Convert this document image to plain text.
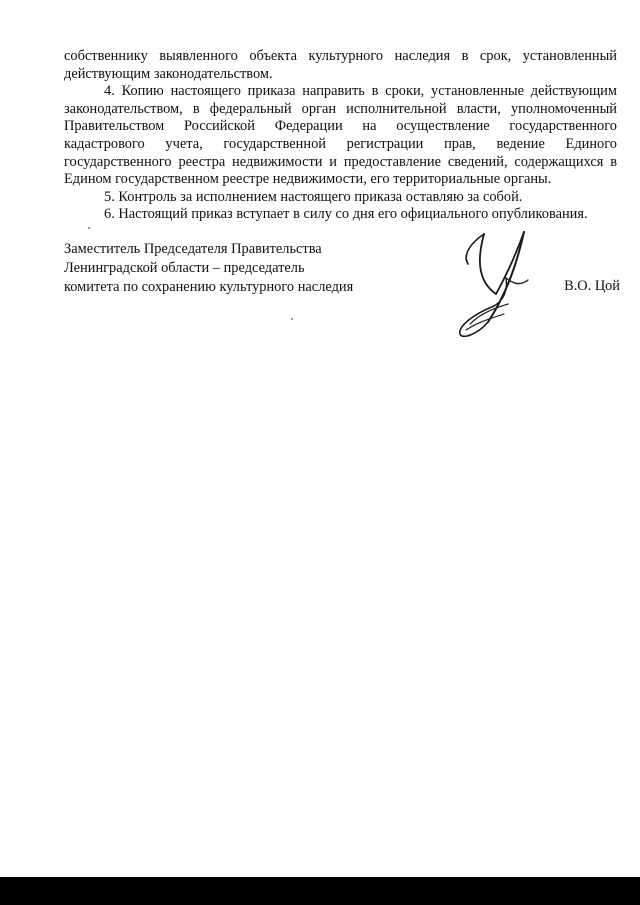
собственнику выявленного объекта культурного наследия в срок, установленный действующим законодательством.

4. Копию настоящего приказа направить в сроки, установленные действующим законодательством, в федеральный орган исполнительной власти, уполномоченный Правительством Российской Федерации на осуществление государственного кадастрового учета, государственной регистрации прав, ведение Единого государственного реестра недвижимости и предоставление сведений, содержащихся в Едином государственном реестре недвижимости, его территориальные органы.

5. Контроль за исполнением настоящего приказа оставляю за собой.

6. Настоящий приказ вступает в силу со дня его официального опубликования.

Заместитель Председателя Правительства
Ленинградской области – председатель
комитета по сохранению культурного наследия	В.О. Цой
